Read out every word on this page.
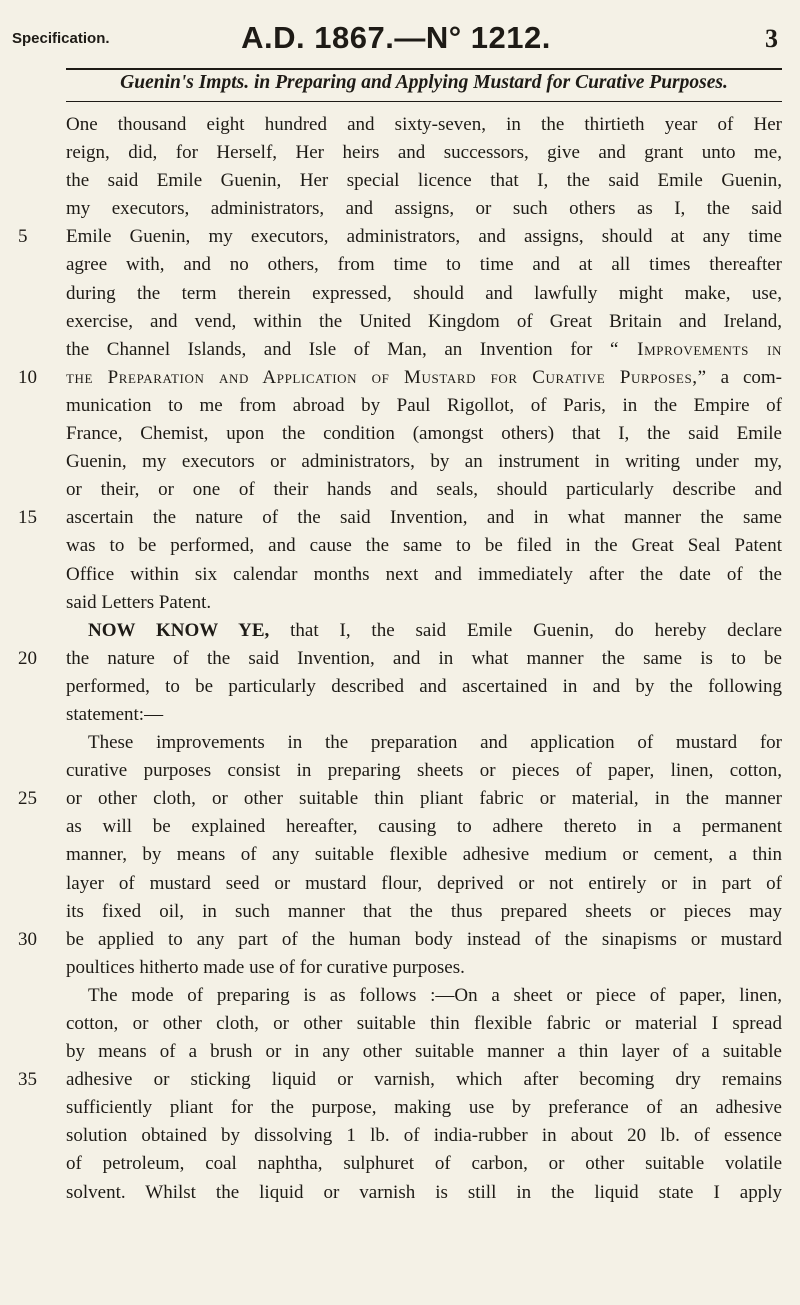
Specification.	A.D. 1867.—N° 1212.	3
Guenin's Impts. in Preparing and Applying Mustard for Curative Purposes.
One thousand eight hundred and sixty-seven, in the thirtieth year of Her
reign, did, for Herself, Her heirs and successors, give and grant unto me,
the said Emile Guenin, Her special licence that I, the said Emile Guenin,
my executors, administrators, and assigns, or such others as I, the said
5	Emile Guenin, my executors, administrators, and assigns, should at any time
agree with, and no others, from time to time and at all times thereafter
during the term therein expressed, should and lawfully might make, use,
exercise, and vend, within the United Kingdom of Great Britain and Ireland,
the Channel Islands, and Isle of Man, an Invention for “ Improvements in
10	the Preparation and Application of Mustard for Curative Purposes,” a com-
munication to me from abroad by Paul Rigollot, of Paris, in the Empire of
France, Chemist, upon the condition (amongst others) that I, the said Emile
Guenin, my executors or administrators, by an instrument in writing under my,
or their, or one of their hands and seals, should particularly describe and
15	ascertain the nature of the said Invention, and in what manner the same
was to be performed, and cause the same to be filed in the Great Seal Patent
Office within six calendar months next and immediately after the date of the
said Letters Patent.
NOW KNOW YE, that I, the said Emile Guenin, do hereby declare
20	the nature of the said Invention, and in what manner the same is to be
performed, to be particularly described and ascertained in and by the following
statement:—
These improvements in the preparation and application of mustard for
curative purposes consist in preparing sheets or pieces of paper, linen, cotton,
25	or other cloth, or other suitable thin pliant fabric or material, in the manner
as will be explained hereafter, causing to adhere thereto in a permanent
manner, by means of any suitable flexible adhesive medium or cement, a thin
layer of mustard seed or mustard flour, deprived or not entirely or in part of
its fixed oil, in such manner that the thus prepared sheets or pieces may
30	be applied to any part of the human body instead of the sinapisms or mustard
poultices hitherto made use of for curative purposes.
The mode of preparing is as follows :—On a sheet or piece of paper, linen,
cotton, or other cloth, or other suitable thin flexible fabric or material I spread
by means of a brush or in any other suitable manner a thin layer of a suitable
35	adhesive or sticking liquid or varnish, which after becoming dry remains
sufficiently pliant for the purpose, making use by preferance of an adhesive
solution obtained by dissolving 1 lb. of india-rubber in about 20 lb. of essence
of petroleum, coal naphtha, sulphuret of carbon, or other suitable volatile
solvent. Whilst the liquid or varnish is still in the liquid state I apply
